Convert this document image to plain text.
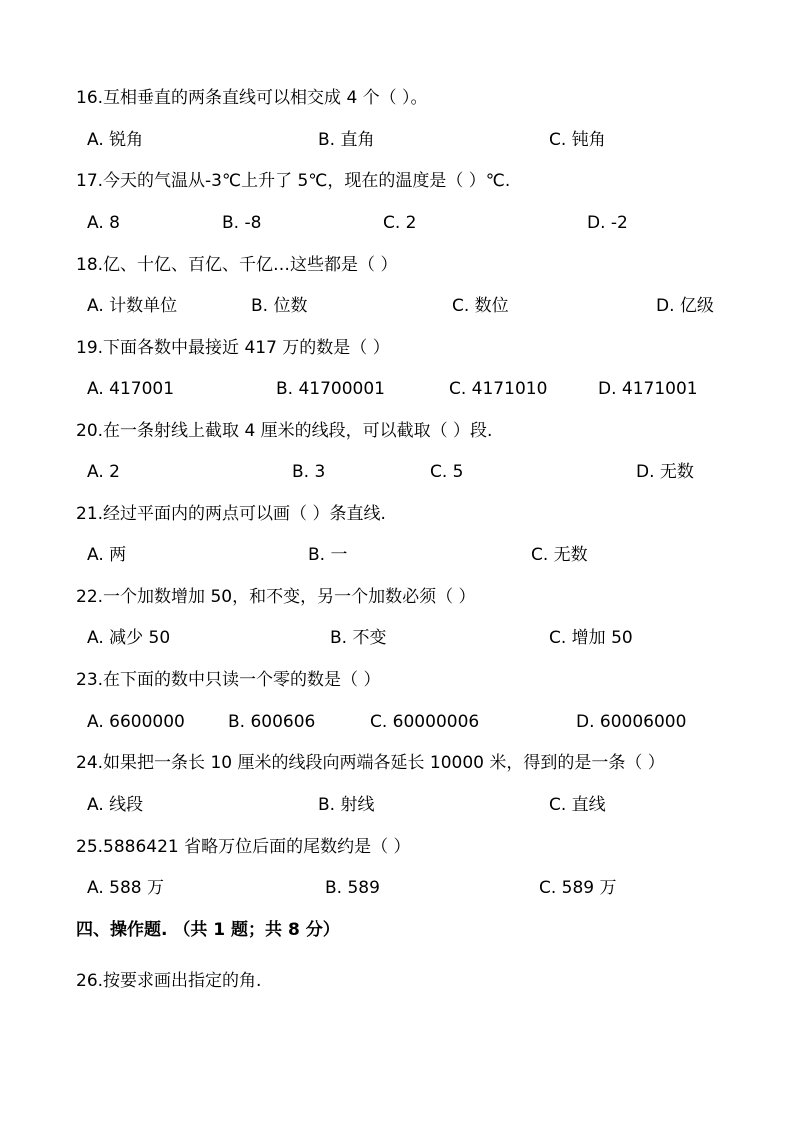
16.互相垂直的两条直线可以相交成 4 个（ ）。
A. 锐角	B. 直角	C. 钝角
17.今天的气温从-3℃上升了 5℃，现在的温度是（ ）℃.
A. 8	B. -8	C. 2	D. -2
18.亿、十亿、百亿、千亿…这些都是（ ）
A. 计数单位	B. 位数	C. 数位	D. 亿级
19.下面各数中最接近 417 万的数是（ ）
A. 417001	B. 41700001	C. 4171010	D. 4171001
20.在一条射线上截取 4 厘米的线段，可以截取（ ）段.
A. 2	B. 3	C. 5	D. 无数
21.经过平面内的两点可以画（ ）条直线.
A. 两	B. 一	C. 无数
22.一个加数增加 50，和不变，另一个加数必须（ ）
A. 减少 50	B. 不变	C. 增加 50
23.在下面的数中只读一个零的数是（ ）
A. 6600000	B. 600606	C. 60000006	D. 60006000
24.如果把一条长 10 厘米的线段向两端各延长 10000 米，得到的是一条（ ）
A. 线段	B. 射线	C. 直线
25.5886421 省略万位后面的尾数约是（ ）
A. 588 万	B. 589	C. 589 万
四、操作题. （共 1 题；共 8 分）
26.按要求画出指定的角.
